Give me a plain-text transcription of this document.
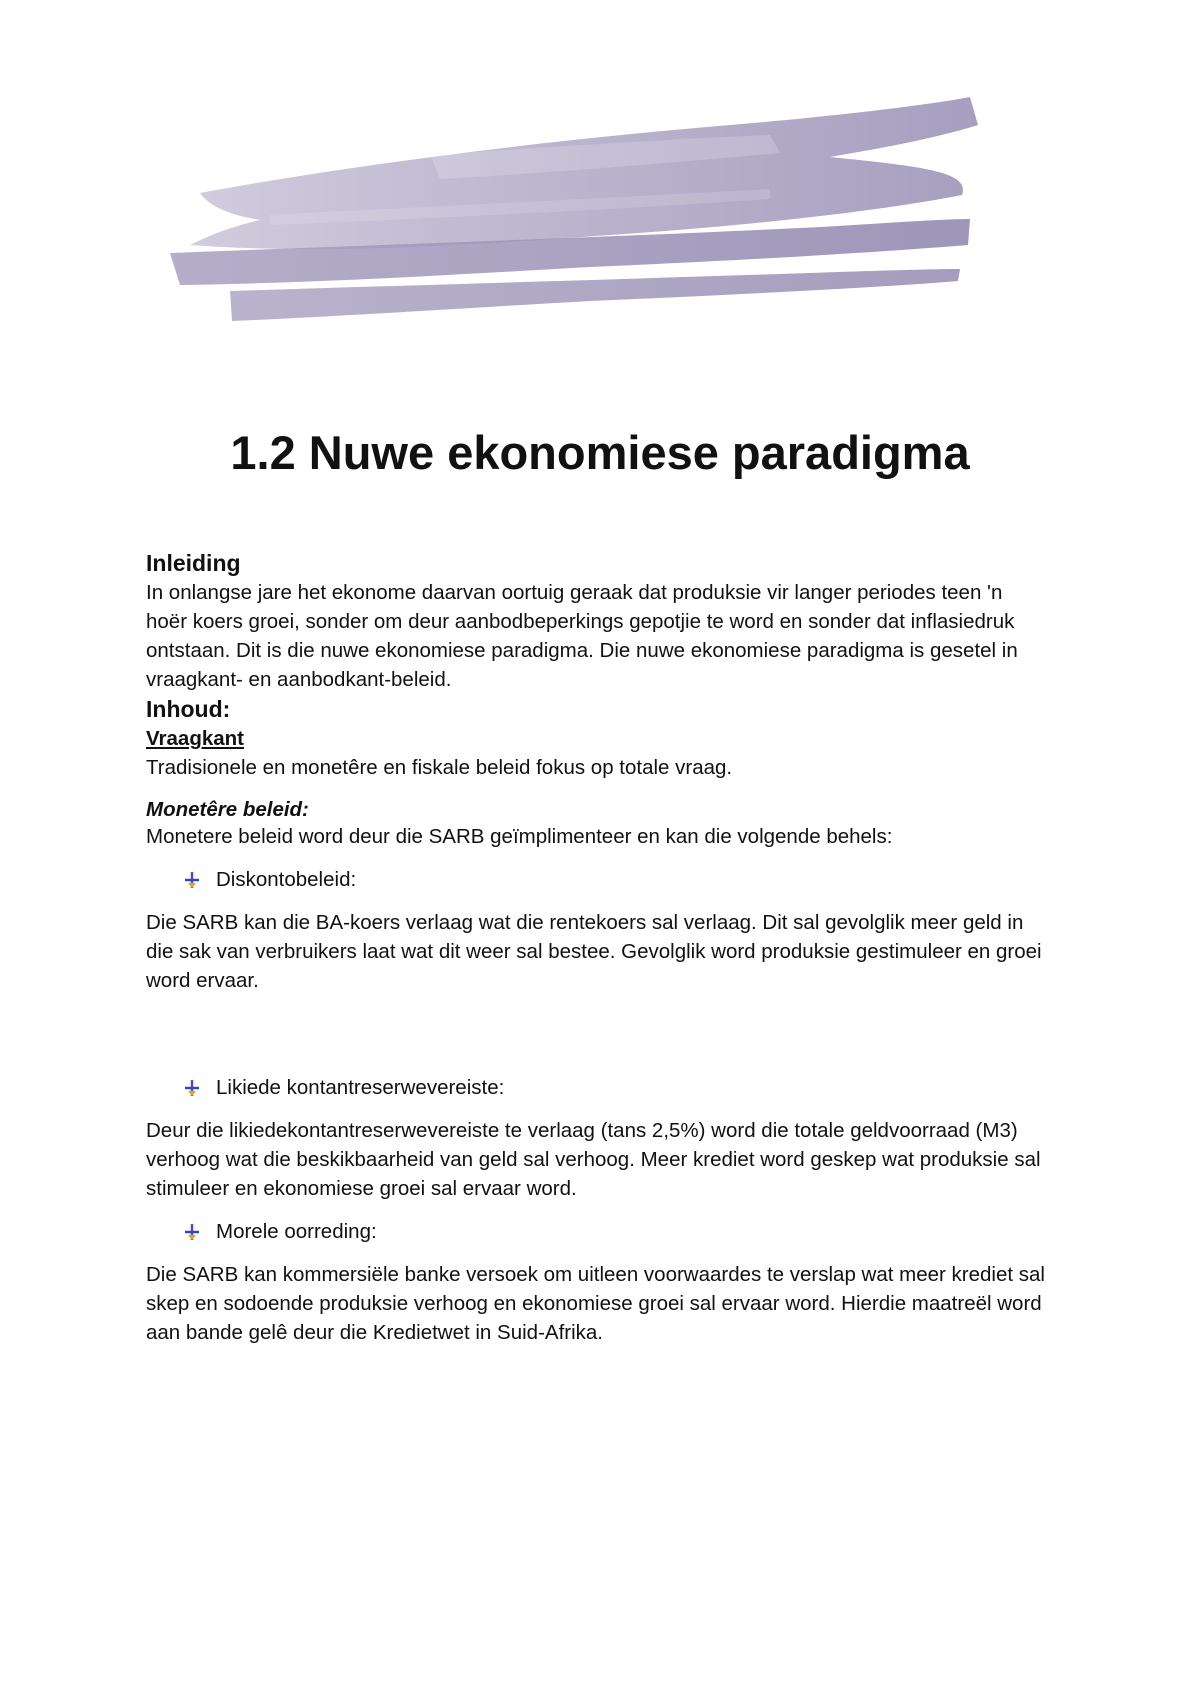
1.2 Nuwe ekonomiese paradigma

Inleiding

In onlangse jare het ekonome daarvan oortuig geraak dat produksie vir langer periodes teen 'n hoër koers groei, sonder om deur aanbodbeperkings gepotjie te word en sonder dat inflasiedruk ontstaan. Dit is die nuwe ekonomiese paradigma. Die nuwe ekonomiese paradigma is gesetel in vraagkant- en aanbodkant-beleid.

Inhoud:

Vraagkant

Tradisionele en monetêre en fiskale beleid fokus op totale vraag.

Monetêre beleid:

Monetere beleid word deur die SARB geïmplimenteer en kan die volgende behels:

Diskontobeleid:

Die SARB kan die BA-koers verlaag wat die rentekoers sal verlaag. Dit sal gevolglik meer geld in die sak van verbruikers laat wat dit weer sal bestee. Gevolglik word produksie gestimuleer en groei word ervaar.

Likiede kontantreserwevereiste:

Deur die likiedekontantreserwevereiste te verlaag (tans 2,5%) word die totale geldvoorraad (M3) verhoog wat die beskikbaarheid van geld sal verhoog. Meer krediet word geskep wat produksie sal stimuleer en ekonomiese groei sal ervaar word.

Morele oorreding:

Die SARB kan kommersiële banke versoek om uitleen voorwaardes te verslap wat meer krediet sal skep en sodoende produksie verhoog en ekonomiese groei sal ervaar word. Hierdie maatreël word aan bande gelê deur die Kredietwet in Suid-Afrika.
